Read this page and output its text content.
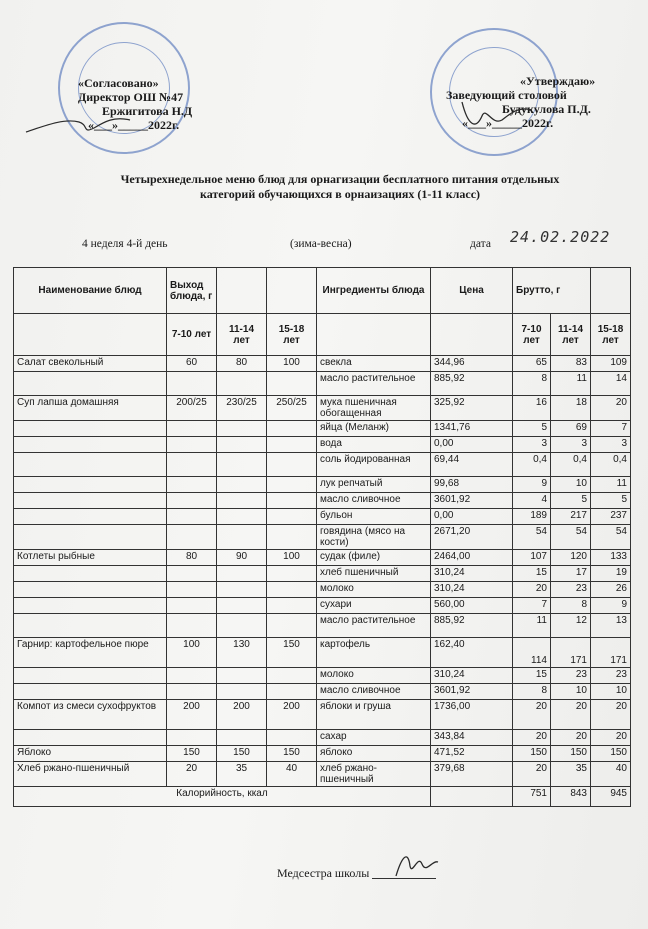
«Согласовано»
Директор ОШ №47
Ержигитова Н.Д
«___»_____2022г.
«Утверждаю»
Заведующий столовой
Будукулова П.Д.
«___»_____2022г.
Четырехнедельное меню блюд для орнагизации бесплатного питания отдельных
категорий обучающихся в орнаизациях (1-11 класс)
4 неделя 4-й день	(зима-весна)	дата 24.02.2022
Наименование блюд	Выход блюда, г			Ингредиенты блюда	Цена	Брутто, г		
	7-10 лет	11-14 лет	15-18 лет			7-10 лет	11-14 лет	15-18 лет
Салат свекольный	60	80	100	свекла	344,96	65	83	109
				масло растительное	885,92	8	11	14
Суп лапша домашняя	200/25	230/25	250/25	мука пшеничная обогащенная	325,92	16	18	20
				яйца (Меланж)	1341,76	5	69	7
				вода	0,00	3	3	3
				соль йодированная	69,44	0,4	0,4	0,4
				лук репчатый	99,68	9	10	11
				масло сливочное	3601,92	4	5	5
				бульон	0,00	189	217	237
				говядина (мясо на кости)	2671,20	54	54	54
Котлеты рыбные	80	90	100	судак (филе)	2464,00	107	120	133
				хлеб пшеничный	310,24	15	17	19
				молоко	310,24	20	23	26
				сухари	560,00	7	8	9
				масло растительное	885,92	11	12	13
Гарнир: картофельное пюре	100	130	150	картофель	162,40	114	171	171
				молоко	310,24	15	23	23
				масло сливочное	3601,92	8	10	10
Компот из смеси сухофруктов	200	200	200	яблоки и груша	1736,00	20	20	20
				сахар	343,84	20	20	20
Яблоко	150	150	150	яблоко	471,52	150	150	150
Хлеб ржано-пшеничный	20	35	40	хлеб ржано-пшеничный	379,68	20	35	40
Калорийность, ккал						751	843	945
Медсестра школы
